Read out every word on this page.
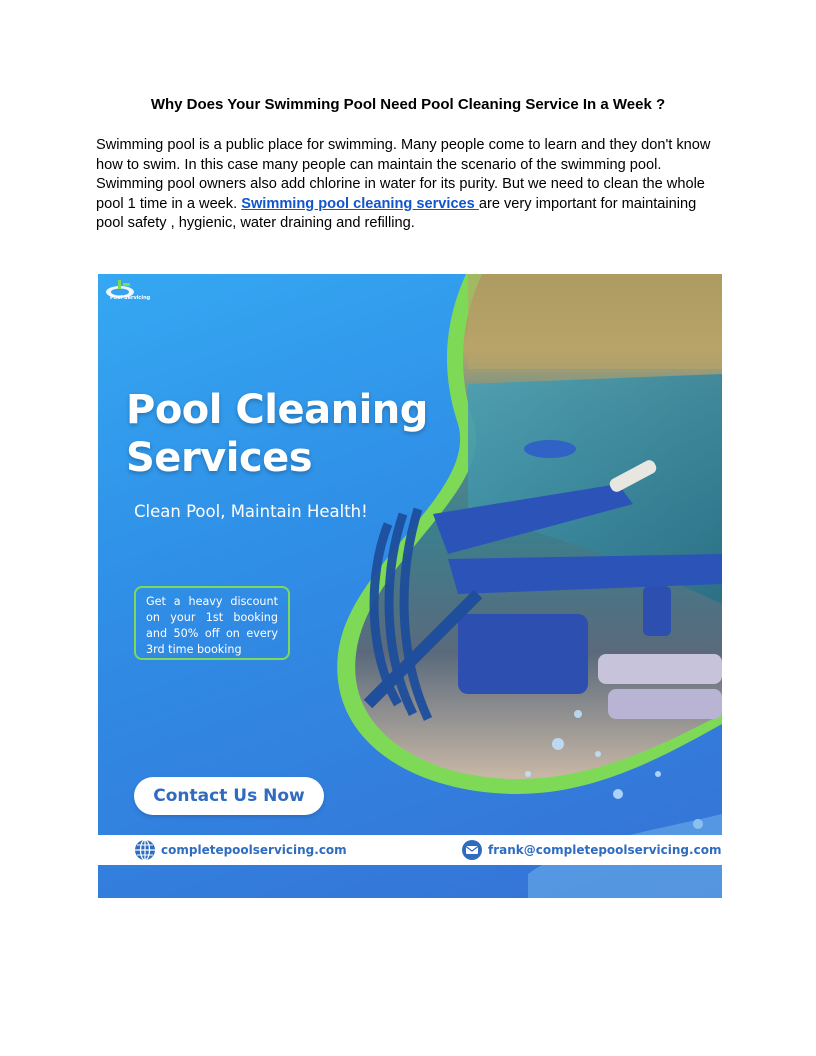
Why Does Your Swimming Pool Need Pool Cleaning Service In a Week ?
Swimming pool is a public place for swimming. Many people come to learn and they don't know how to swim. In this case many people can maintain the scenario of the swimming pool. Swimming pool owners also add chlorine in water for its purity. But we need to clean the whole pool 1 time in a week. Swimming pool cleaning services are very important for maintaining pool safety , hygienic, water draining and refilling.
Pool Servicing
Pool Cleaning
Services
Clean Pool, Maintain Health!
Get a heavy discount on your 1st booking and 50% off on every 3rd time booking
Contact Us Now
completepoolservicing.com	frank@completepoolservicing.com
